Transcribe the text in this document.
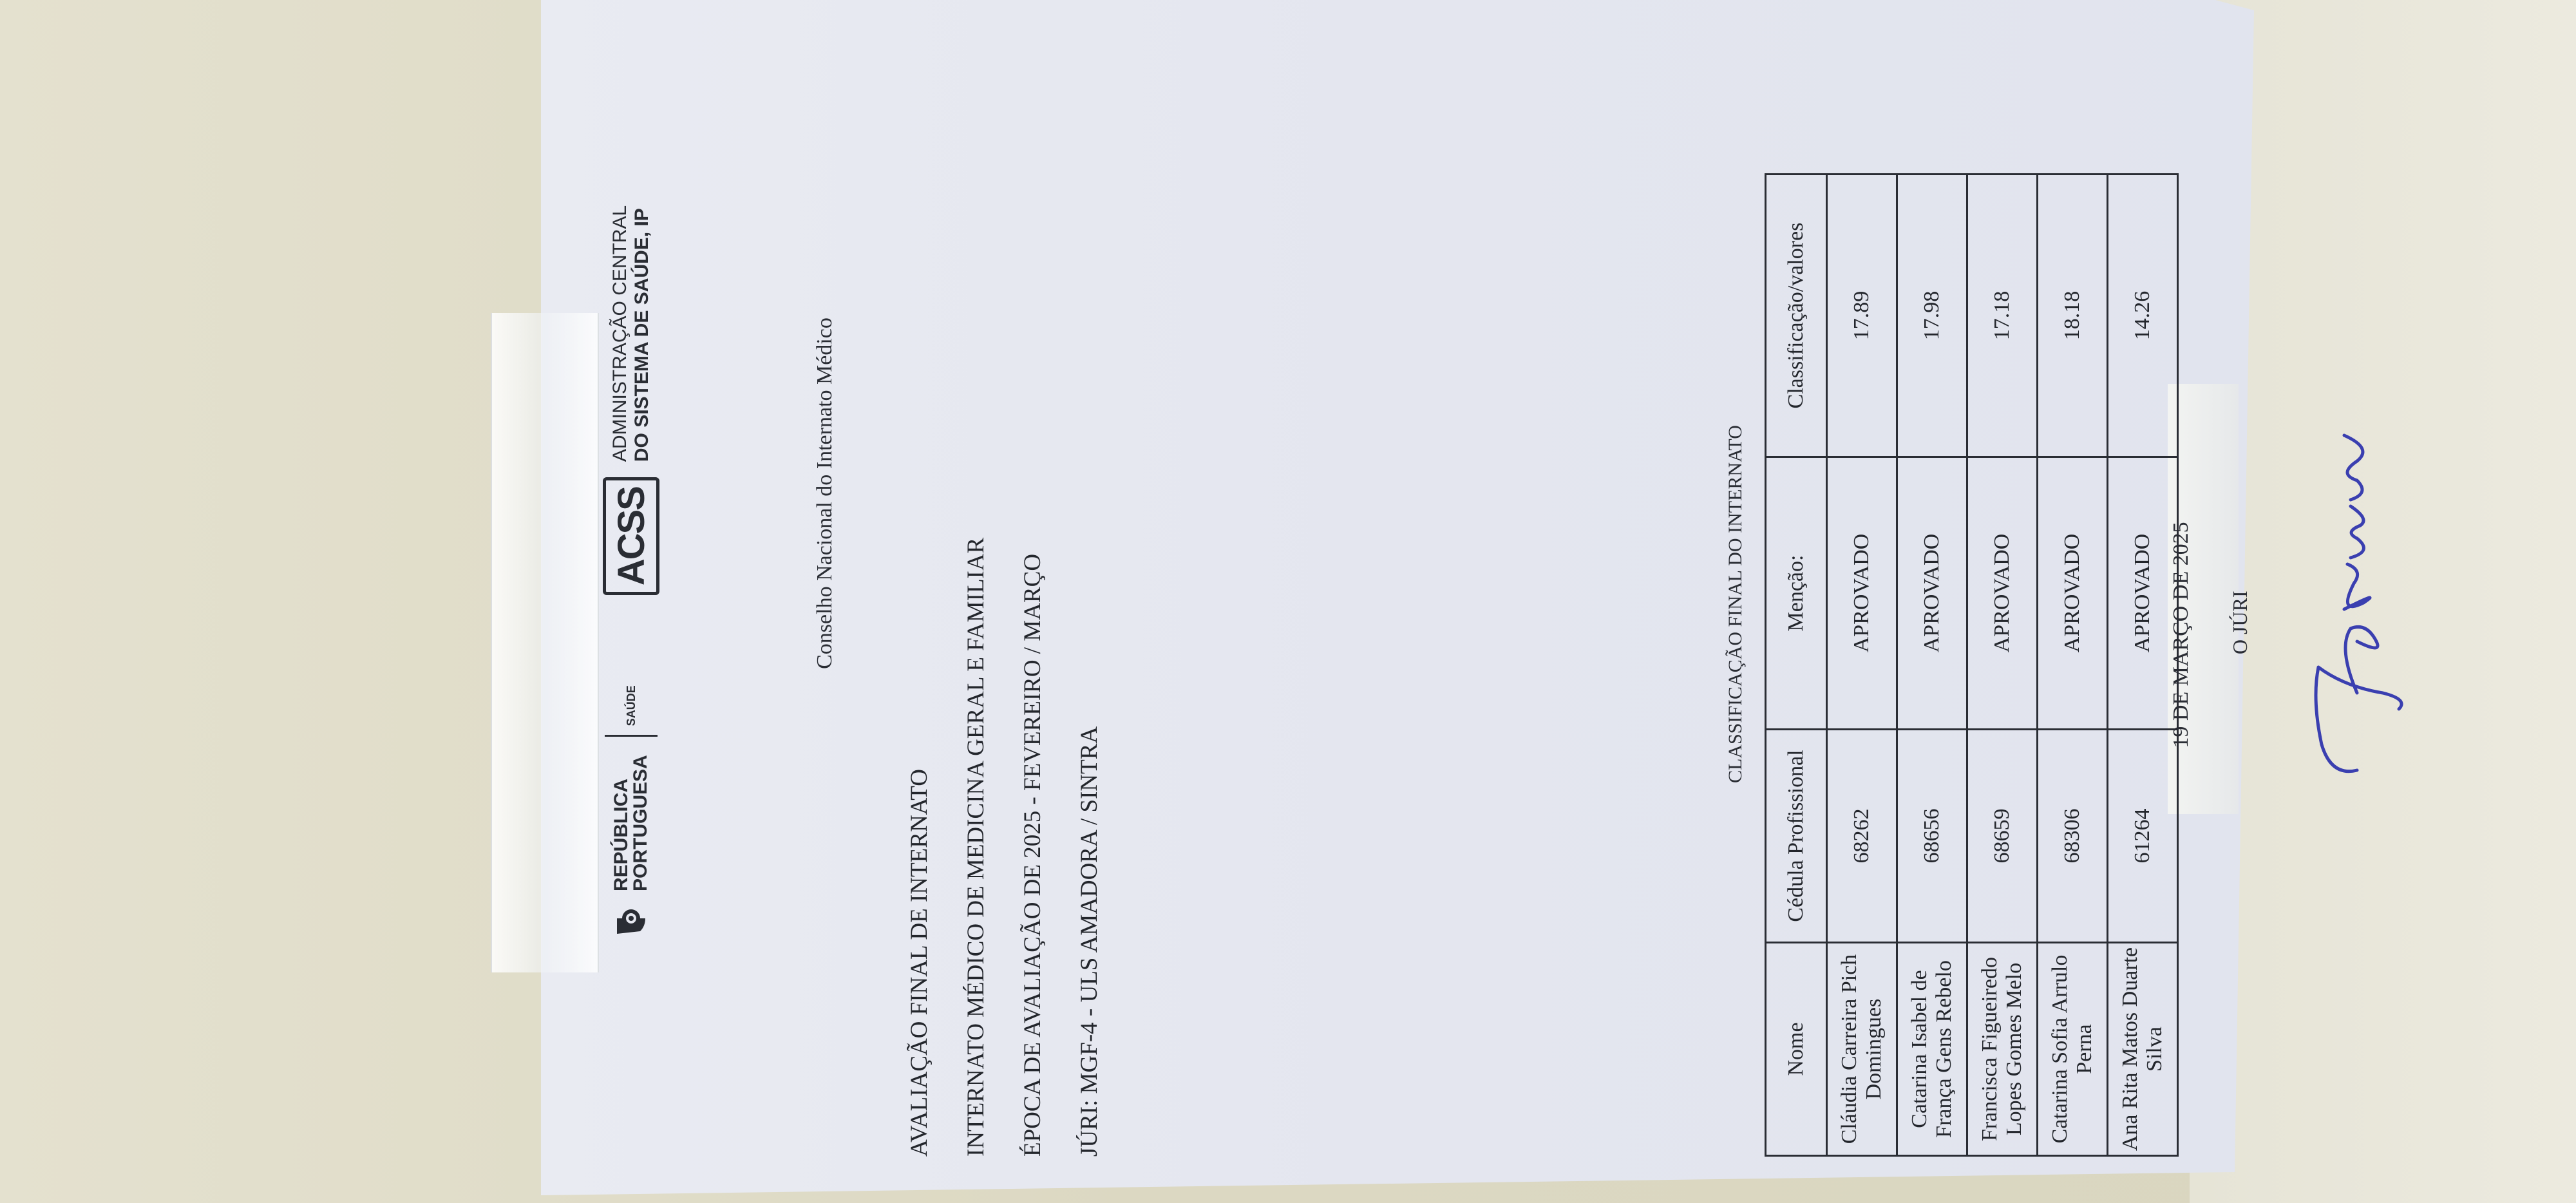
REPÚBLICA
PORTUGUESA
SAÚDE
ACSS
ADMINISTRAÇÃO CENTRAL DO SISTEMA DE SAÚDE, IP	Conselho Nacional do Internato Médico
AVALIAÇÃO FINAL DE INTERNATO INTERNATO MÉDICO DE MEDICINA GERAL E FAMILIAR ÉPOCA DE AVALIAÇÃO DE 2025 - FEVEREIRO / MARÇO JÚRI: MGF-4 - ULS AMADORA / SINTRA
CLASSIFICAÇÃO FINAL DO INTERNATO
Nome	Cédula Profissional	Menção:	Classificação/valores
Cláudia Carreira Pich Domingues	68262	APROVADO	17.89
Catarina Isabel de França Gens Rebelo	68656	APROVADO	17.98
Francisca Figueiredo Lopes Gomes Melo	68659	APROVADO	17.18
Catarina Sofia Arrulo Perna	68306	APROVADO	18.18
Ana Rita Matos Duarte Silva	61264	APROVADO	14.26
19 DE MARÇO DE 2025 O JÚRI
